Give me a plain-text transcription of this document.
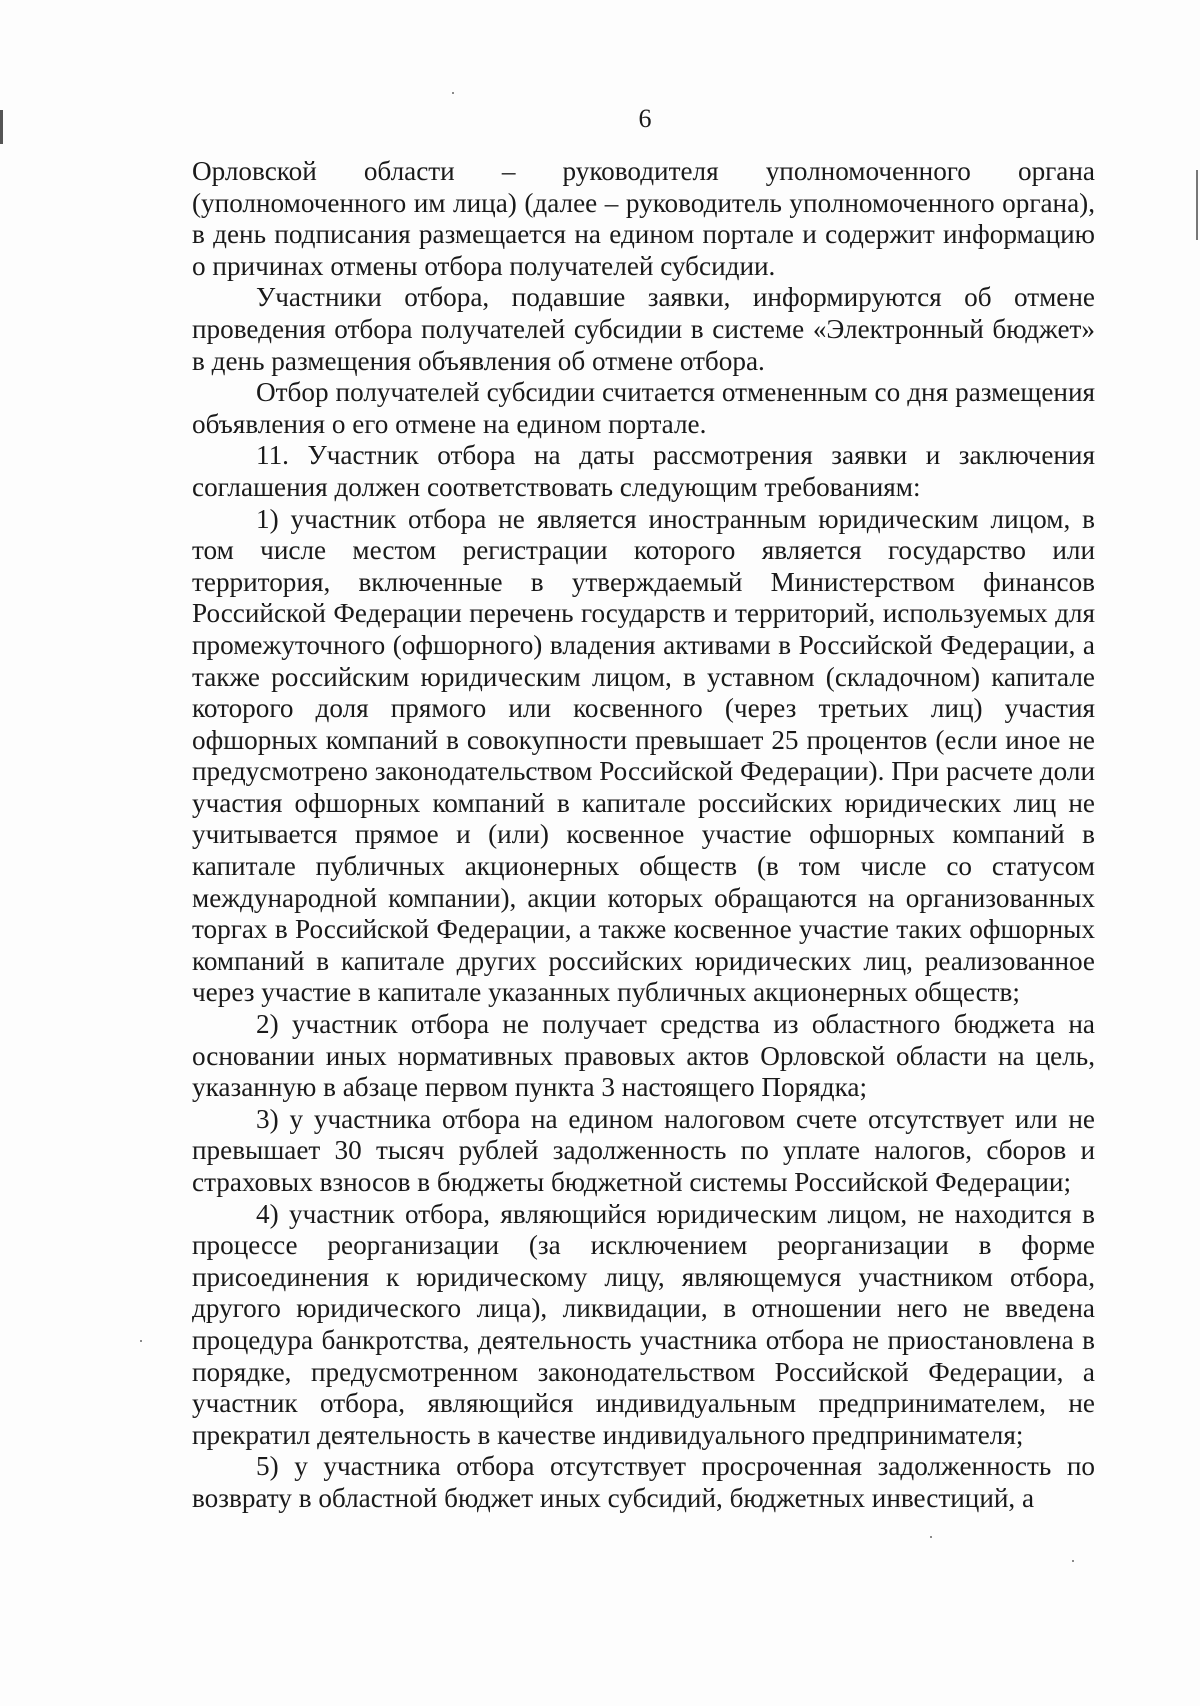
6

Орловской области – руководителя уполномоченного органа (уполномоченного им лица) (далее – руководитель уполномоченного органа), в день подписания размещается на едином портале и содержит информацию о причинах отмены отбора получателей субсидии.

Участники отбора, подавшие заявки, информируются об отмене проведения отбора получателей субсидии в системе «Электронный бюджет» в день размещения объявления об отмене отбора.

Отбор получателей субсидии считается отмененным со дня размещения объявления о его отмене на едином портале.

11. Участник отбора на даты рассмотрения заявки и заключения соглашения должен соответствовать следующим требованиям:

1) участник отбора не является иностранным юридическим лицом, в том числе местом регистрации которого является государство или территория, включенные в утверждаемый Министерством финансов Российской Федерации перечень государств и территорий, используемых для промежуточного (офшорного) владения активами в Российской Федерации, а также российским юридическим лицом, в уставном (складочном) капитале которого доля прямого или косвенного (через третьих лиц) участия офшорных компаний в совокупности превышает 25 процентов (если иное не предусмотрено законодательством Российской Федерации). При расчете доли участия офшорных компаний в капитале российских юридических лиц не учитывается прямое и (или) косвенное участие офшорных компаний в капитале публичных акционерных обществ (в том числе со статусом международной компании), акции которых обращаются на организованных торгах в Российской Федерации, а также косвенное участие таких офшорных компаний в капитале других российских юридических лиц, реализованное через участие в капитале указанных публичных акционерных обществ;

2) участник отбора не получает средства из областного бюджета на основании иных нормативных правовых актов Орловской области на цель, указанную в абзаце первом пункта 3 настоящего Порядка;

3) у участника отбора на едином налоговом счете отсутствует или не превышает 30 тысяч рублей задолженность по уплате налогов, сборов и страховых взносов в бюджеты бюджетной системы Российской Федерации;

4) участник отбора, являющийся юридическим лицом, не находится в процессе реорганизации (за исключением реорганизации в форме присоединения к юридическому лицу, являющемуся участником отбора, другого юридического лица), ликвидации, в отношении него не введена процедура банкротства, деятельность участника отбора не приостановлена в порядке, предусмотренном законодательством Российской Федерации, а участник отбора, являющийся индивидуальным предпринимателем, не прекратил деятельность в качестве индивидуального предпринимателя;

5) у участника отбора отсутствует просроченная задолженность по возврату в областной бюджет иных субсидий, бюджетных инвестиций, а
